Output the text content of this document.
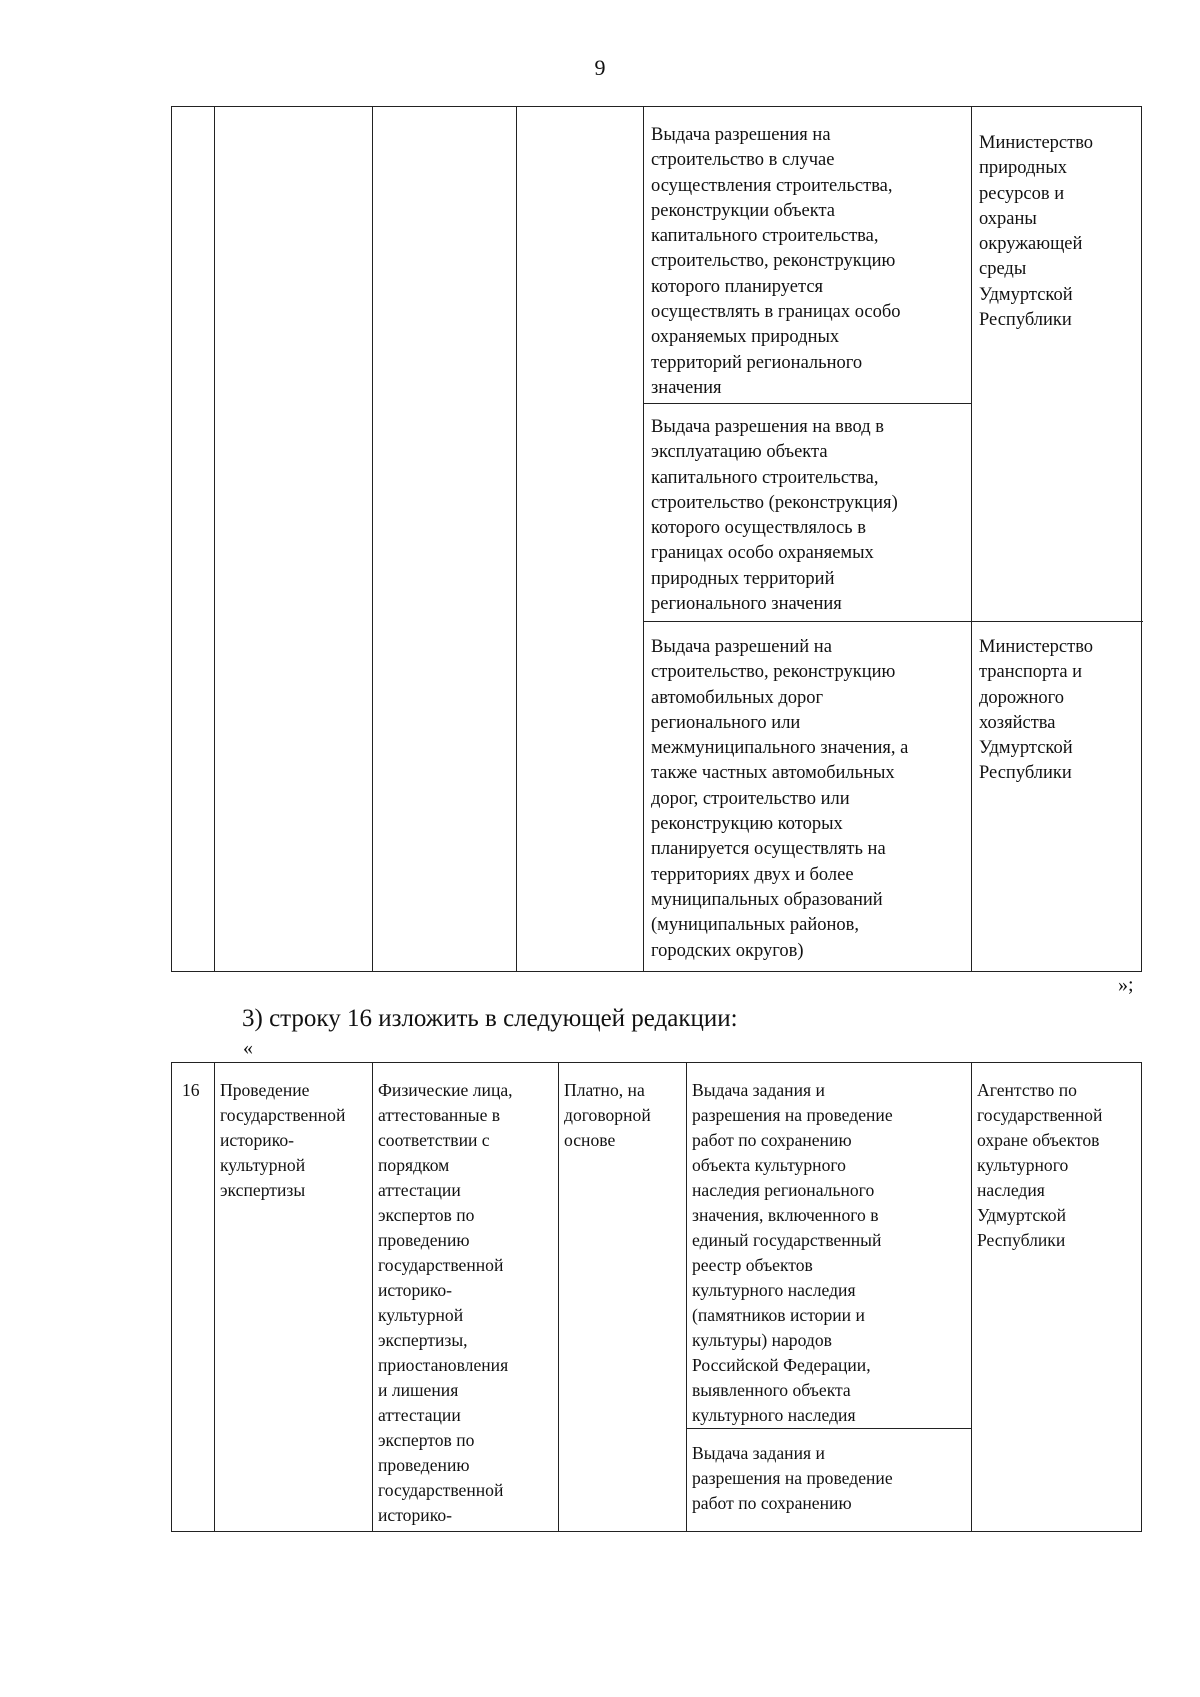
9
Выдача разрешения на
строительство в случае
осуществления строительства,
реконструкции объекта
капитального строительства,
строительство, реконструкцию
которого планируется
осуществлять в границах особо
охраняемых природных
территорий регионального
значения
Министерство
природных
ресурсов и
охраны
окружающей
среды
Удмуртской
Республики
Выдача разрешения на ввод в
эксплуатацию объекта
капитального строительства,
строительство (реконструкция)
которого осуществлялось в
границах особо охраняемых
природных территорий
регионального значения
Выдача разрешений на
строительство, реконструкцию
автомобильных дорог
регионального или
межмуниципального значения, а
также частных автомобильных
дорог, строительство или
реконструкцию которых
планируется осуществлять на
территориях двух и более
муниципальных образований
(муниципальных районов,
городских округов)
Министерство
транспорта и
дорожного
хозяйства
Удмуртской
Республики
»;
3) строку 16 изложить в следующей редакции:
«
16	Проведение
государственной
историко-
культурной
экспертизы
Физические лица,
аттестованные в
соответствии с
порядком
аттестации
экспертов по
проведению
государственной
историко-
культурной
экспертизы,
приостановления
и лишения
аттестации
экспертов по
проведению
государственной
историко-
Платно, на
договорной
основе
Выдача задания и
разрешения на проведение
работ по сохранению
объекта культурного
наследия регионального
значения, включенного в
единый государственный
реестр объектов
культурного наследия
(памятников истории и
культуры) народов
Российской Федерации,
выявленного объекта
культурного наследия
Выдача задания и
разрешения на проведение
работ по сохранению
Агентство по
государственной
охране объектов
культурного
наследия
Удмуртской
Республики
